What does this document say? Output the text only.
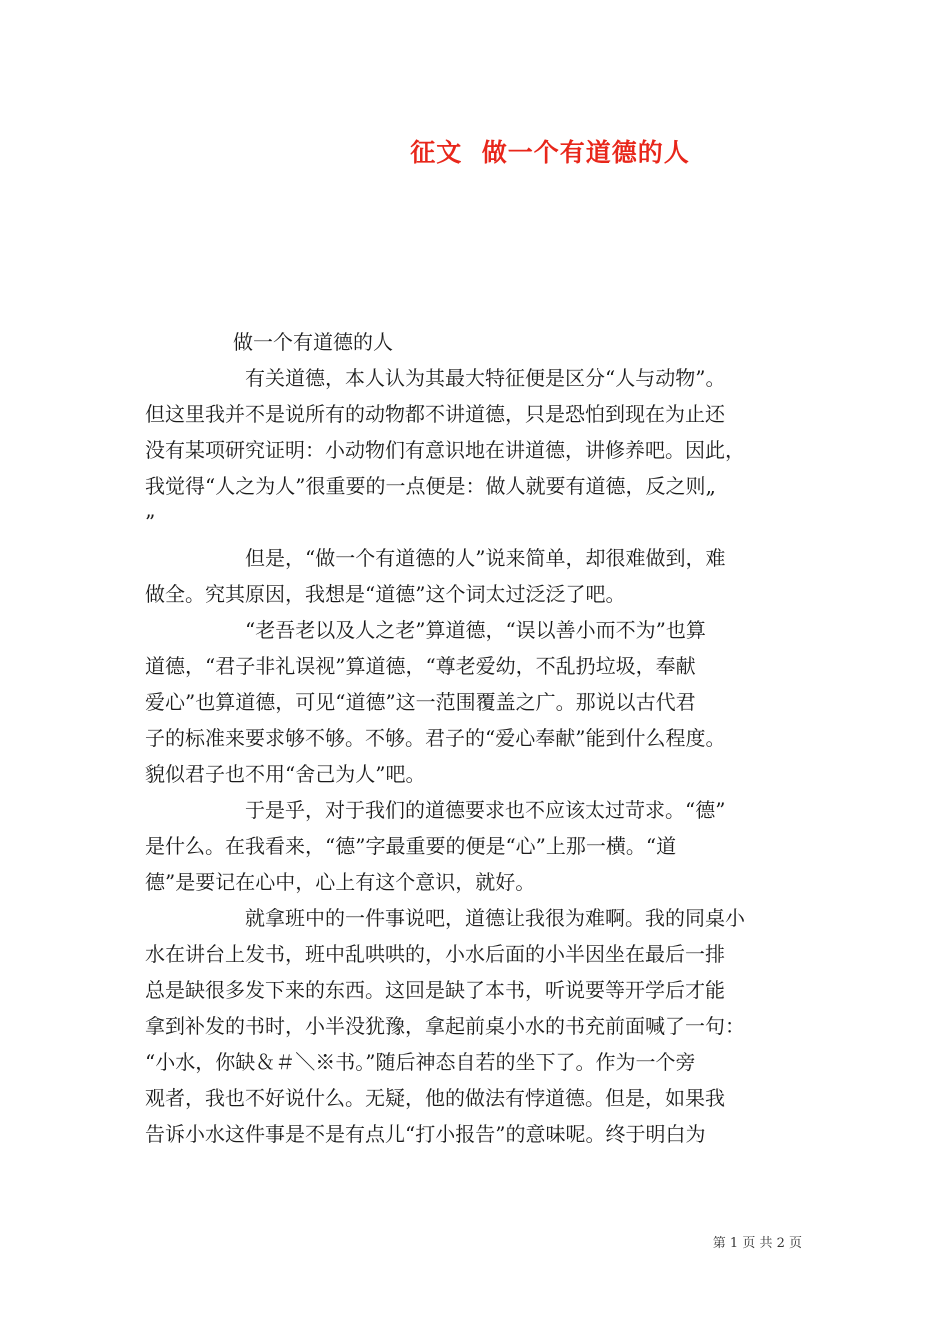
征文  做一个有道德的人
做一个有道德的人
有关道德，本人认为其最大特征便是区分“人与动物”。
但这里我并不是说所有的动物都不讲道德，只是恐怕到现在为止还
没有某项研究证明：小动物们有意识地在讲道德，讲修养吧。因此，
我觉得“人之为人”很重要的一点便是：做人就要有道德，反之则„
”
但是，“做一个有道德的人”说来简单，却很难做到，难
做全。究其原因，我想是“道德”这个词太过泛泛了吧。
“老吾老以及人之老”算道德，“误以善小而不为”也算
道德，“君子非礼误视”算道德，“尊老爱幼，不乱扔垃圾，奉献
爱心”也算道德，可见“道德”这一范围覆盖之广。那说以古代君
子的标准来要求够不够。不够。君子的“爱心奉献”能到什么程度。
貌似君子也不用“舍己为人”吧。
于是乎，对于我们的道德要求也不应该太过苛求。“德”
是什么。在我看来，“德”字最重要的便是“心”上那一横。“道
德”是要记在心中，心上有这个意识，就好。
就拿班中的一件事说吧，道德让我很为难啊。我的同桌小
水在讲台上发书，班中乱哄哄的，小水后面的小半因坐在最后一排
总是缺很多发下来的东西。这回是缺了本书，听说要等开学后才能
拿到补发的书时，小半没犹豫，拿起前桌小水的书充前面喊了一句：
“小水，你缺＆＃＼※书。”随后神态自若的坐下了。作为一个旁
观者，我也不好说什么。无疑，他的做法有悖道德。但是，如果我
告诉小水这件事是不是有点儿“打小报告”的意味呢。终于明白为
第 1 页 共 2 页
